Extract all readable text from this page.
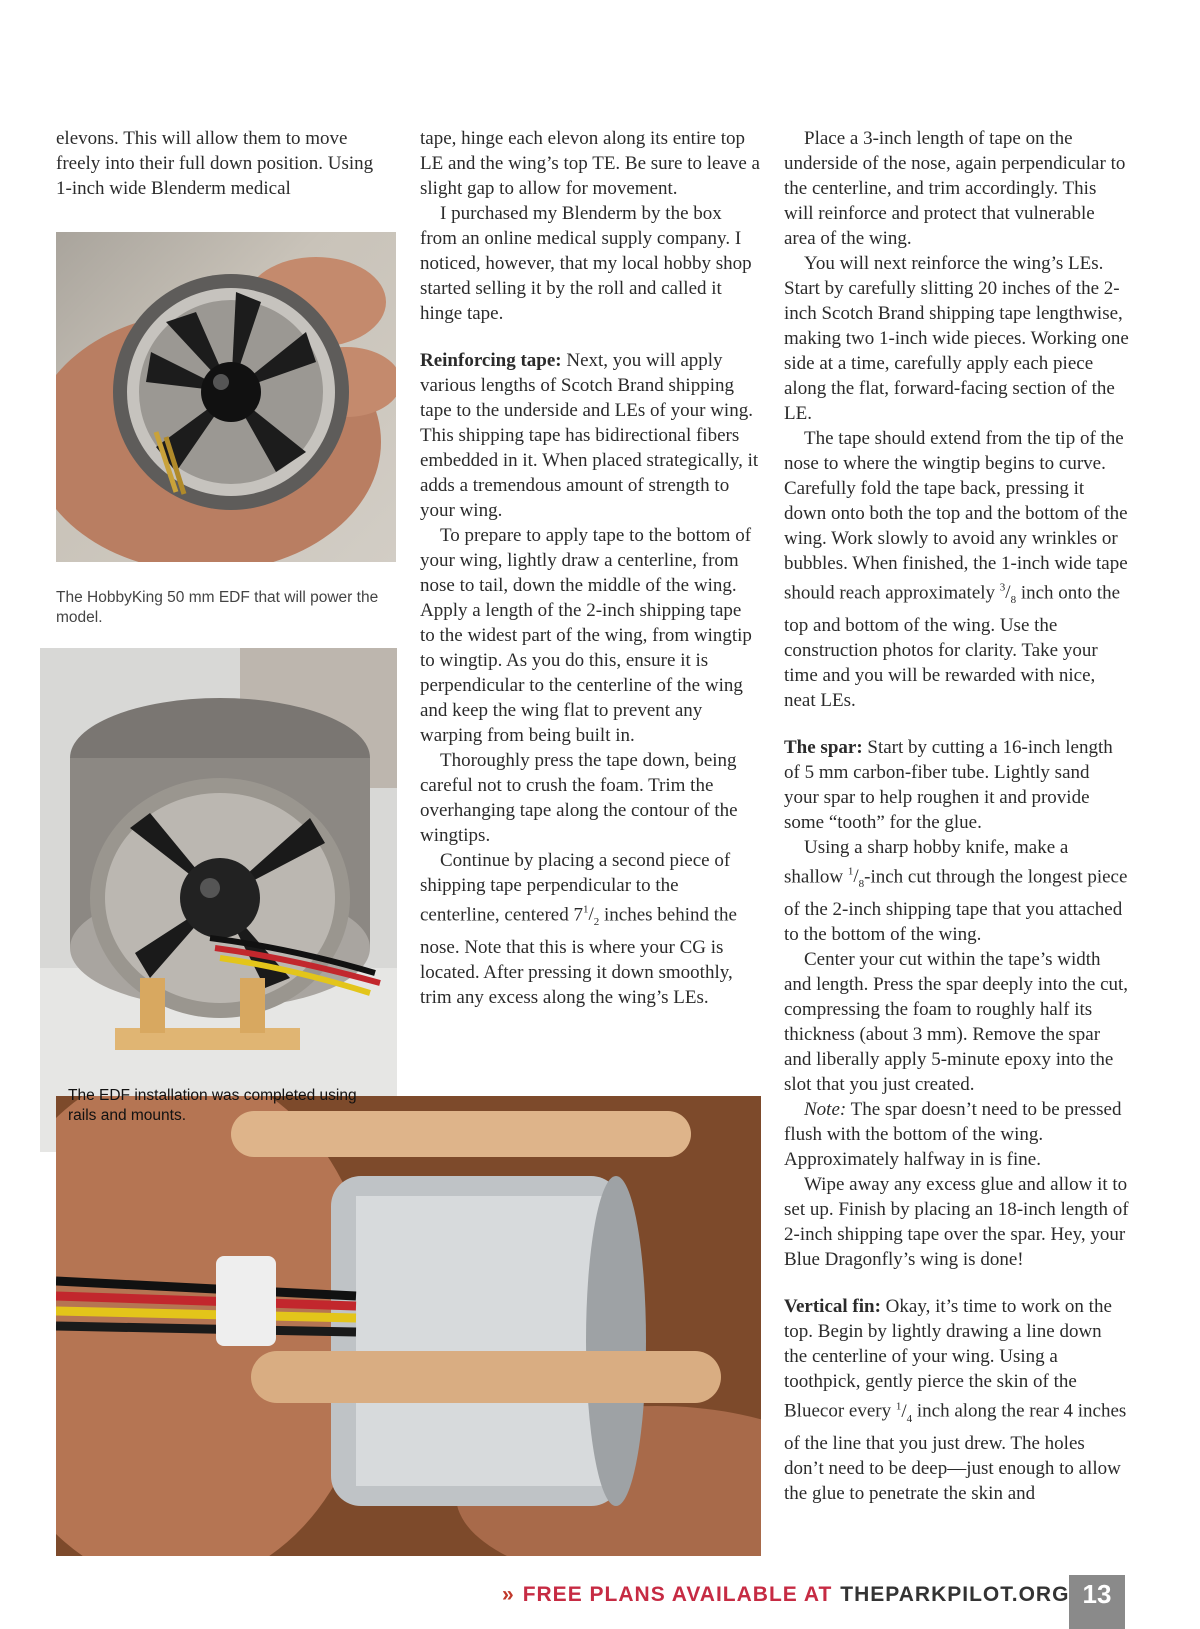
elevons. This will allow them to move freely into their full down position. Using 1-inch wide Blenderm medical

The HobbyKing 50 mm EDF that will power the model.
The EDF installation was completed using rails and mounts.

tape, hinge each elevon along its entire top LE and the wing’s top TE. Be sure to leave a slight gap to allow for movement.

I purchased my Blenderm by the box from an online medical supply company. I noticed, however, that my local hobby shop started selling it by the roll and called it hinge tape.

Reinforcing tape: Next, you will apply various lengths of Scotch Brand shipping tape to the underside and LEs of your wing. This shipping tape has bidirectional fibers embedded in it. When placed strategically, it adds a tremendous amount of strength to your wing.

To prepare to apply tape to the bottom of your wing, lightly draw a centerline, from nose to tail, down the middle of the wing. Apply a length of the 2-inch shipping tape to the widest part of the wing, from wingtip to wingtip. As you do this, ensure it is perpendicular to the centerline of the wing and keep the wing flat to prevent any warping from being built in.

Thoroughly press the tape down, being careful not to crush the foam. Trim the overhanging tape along the contour of the wingtips.

Continue by placing a second piece of shipping tape perpendicular to the centerline, centered $7^1/_2$ inches behind the nose. Note that this is where your CG is located. After pressing it down smoothly, trim any excess along the wing’s LEs.

Place a 3-inch length of tape on the underside of the nose, again perpendicular to the centerline, and trim accordingly. This will reinforce and protect that vulnerable area of the wing.

You will next reinforce the wing’s LEs. Start by carefully slitting 20 inches of the 2-inch Scotch Brand shipping tape lengthwise, making two 1-inch wide pieces. Working one side at a time, carefully apply each piece along the flat, forward-facing section of the LE.

The tape should extend from the tip of the nose to where the wingtip begins to curve. Carefully fold the tape back, pressing it down onto both the top and the bottom of the wing. Work slowly to avoid any wrinkles or bubbles. When finished, the 1-inch wide tape should reach approximately $^3/_8$ inch onto the top and bottom of the wing. Use the construction photos for clarity. Take your time and you will be rewarded with nice, neat LEs.

The spar: Start by cutting a 16-inch length of 5 mm carbon-fiber tube. Lightly sand your spar to help roughen it and provide some “tooth” for the glue.

Using a sharp hobby knife, make a shallow $^1/_8$-inch cut through the longest piece of the 2-inch shipping tape that you attached to the bottom of the wing.

Center your cut within the tape’s width and length. Press the spar deeply into the cut, compressing the foam to roughly half its thickness (about 3 mm). Remove the spar and liberally apply 5-minute epoxy into the slot that you just created.

Note: The spar doesn’t need to be pressed flush with the bottom of the wing. Approximately halfway in is fine.

Wipe away any excess glue and allow it to set up. Finish by placing an 18-inch length of 2-inch shipping tape over the spar. Hey, your Blue Dragonfly’s wing is done!

Vertical fin: Okay, it’s time to work on the top. Begin by lightly drawing a line down the centerline of your wing. Using a toothpick, gently pierce the skin of the Bluecor every $^1/_4$ inch along the rear 4 inches of the line that you just drew. The holes don’t need to be deep—just enough to allow the glue to penetrate the skin and

» FREE PLANS AVAILABLE AT THEPARKPILOT.ORG 13
